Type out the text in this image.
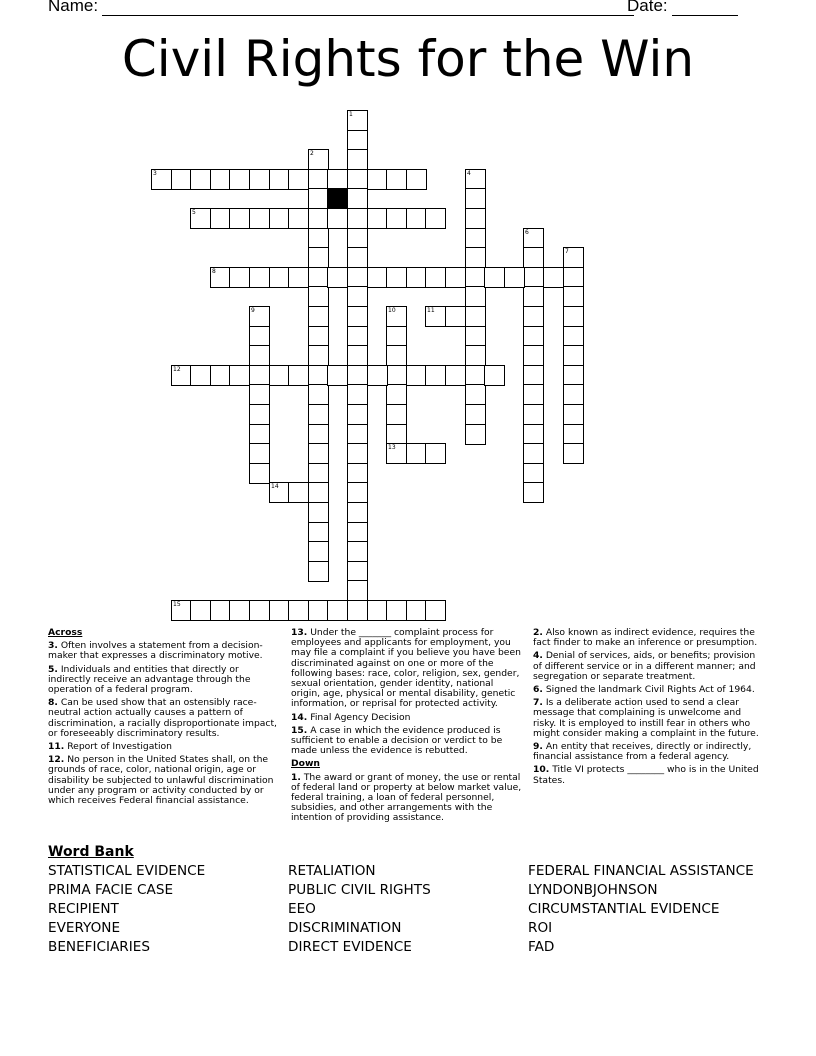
Name:	Date:
Civil Rights for the Win
1
2
3	4
5
6
7
8
9	10
13
11
12
14
15

Across

3. Often involves a statement from a decision-maker that expresses a discriminatory motive.

5. Individuals and entities that directly or indirectly receive an advantage through the operation of a federal program.

8. Can be used show that an ostensibly race-neutral action actually causes a pattern of discrimination, a racially disproportionate impact, or foreseeably discriminatory results.

11. Report of Investigation

12. No person in the United States shall, on the grounds of race, color, national origin, age or disability be subjected to unlawful discrimination under any program or activity conducted by or which receives Federal financial assistance.

13. Under the _______ complaint process for employees and applicants for employment, you may file a complaint if you believe you have been discriminated against on one or more of the following bases: race, color, religion, sex, gender, sexual orientation, gender identity, national origin, age, physical or mental disability, genetic information, or reprisal for protected activity.

14. Final Agency Decision

15. A case in which the evidence produced is sufficient to enable a decision or verdict to be made unless the evidence is rebutted.

Down

1. The award or grant of money, the use or rental of federal land or property at below market value, federal training, a loan of federal personnel, subsidies, and other arrangements with the intention of providing assistance.

2. Also known as indirect evidence, requires the fact finder to make an inference or presumption.

4. Denial of services, aids, or benefits; provision of different service or in a different manner; and segregation or separate treatment.

6. Signed the landmark Civil Rights Act of 1964.

7. Is a deliberate action used to send a clear message that complaining is unwelcome and risky. It is employed to instill fear in others who might consider making a complaint in the future.

9. An entity that receives, directly or indirectly, financial assistance from a federal agency.

10. Title VI protects ________ who is in the United States.

Word Bank
STATISTICAL EVIDENCE
PRIMA FACIE CASE
RECIPIENT
EVERYONE
BENEFICIARIES
RETALIATION
PUBLIC CIVIL RIGHTS
EEO
DISCRIMINATION
DIRECT EVIDENCE
FEDERAL FINANCIAL ASSISTANCE
LYNDONBJOHNSON
CIRCUMSTANTIAL EVIDENCE
ROI
FAD
